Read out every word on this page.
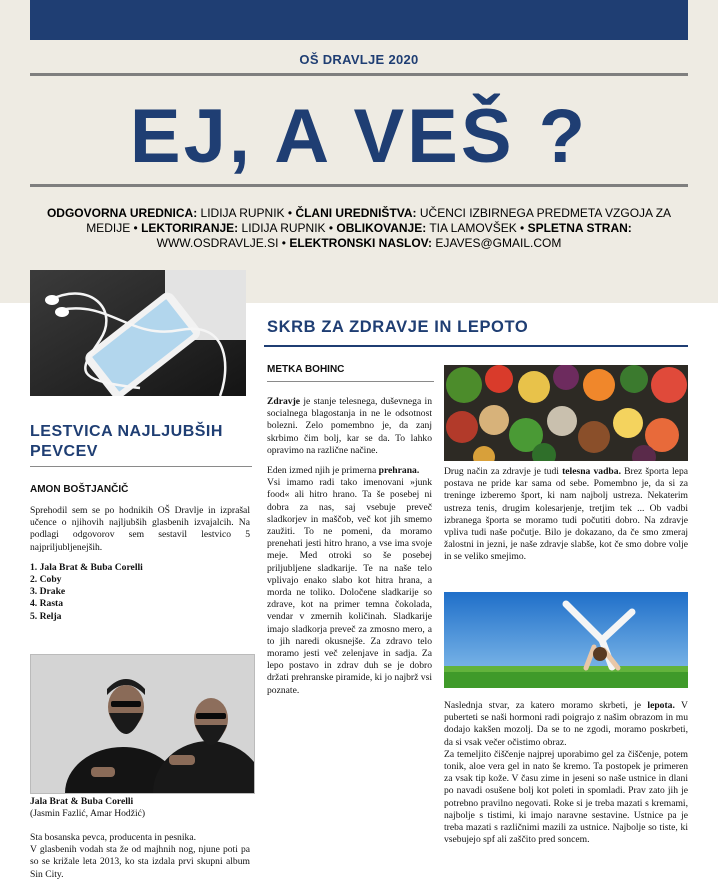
OŠ DRAVLJE 2020
EJ, A VEŠ ?
ODGOVORNA UREDNICA: LIDIJA RUPNIK • ČLANI UREDNIŠTVA: UČENCI IZBIRNEGA PREDMETA VZGOJA ZA MEDIJE • LEKTORIRANJE: LIDIJA RUPNIK • OBLIKOVANJE: TIA LAMOVŠEK • SPLETNA STRAN: WWW.OSDRAVLJE.SI • ELEKTRONSKI NASLOV: EJAVES@GMAIL.COM
LESTVICA NAJLJUBŠIH PEVCEV
AMON BOŠTJANČIČ

Sprehodil sem se po hodnikih OŠ Dravlje in izprašal učence o njihovih najljubših glasbenih izvajalcih. Na podlagi odgovorov sem sestavil lestvico 5 najpriljubljenejših.

1. Jala Brat & Buba Corelli
2. Coby
3. Drake
4. Rasta
5. Relja
Jala Brat & Buba Corelli
(Jasmin Fazlić, Amar Hodžić)
Sta bosanska pevca, producenta in pesnika.
V glasbenih vodah sta že od majhnih nog, njune poti pa so se križale leta 2013, ko sta izdala prvi skupni album Sin City.
SKRB ZA ZDRAVJE IN LEPOTO
METKA BOHINC

Zdravje je stanje telesnega, duševnega in socialnega blagostanja in ne le odsotnost bolezni. Zelo pomembno je, da zanj skrbimo čim bolj, kar se da. To lahko opravimo na različne načine.

Eden izmed njih je primerna prehrana.

Vsi imamo radi tako imenovani »junk food« ali hitro hrano. Ta še posebej ni dobra za nas, saj vsebuje preveč sladkorjev in maščob, več kot jih smemo zaužiti. To ne pomeni, da moramo prenehati jesti hitro hrano, a vse ima svoje meje. Med otroki so še posebej priljubljene sladkarije. Te na naše telo vplivajo enako slabo kot hitra hrana, a morda ne toliko. Določene sladkarije so zdrave, kot na primer temna čokolada, vendar v zmernih količinah. Sladkarije imajo sladkorja preveč za zmosno mero, a to jih naredi okusnejše. Za zdravo telo moramo jesti več zelenjave in sadja. Za lepo postavo in zdrav duh se je dobro držati prehranske piramide, ki jo najbrž vsi poznate.

Drug način za zdravje je tudi telesna vadba. Brez športa lepa postava ne pride kar sama od sebe. Pomembno je, da si za treninge izberemo šport, ki nam najbolj ustreza. Nekaterim ustreza tenis, drugim kolesarjenje, tretjim tek ... Ob vadbi izbranega športa se moramo tudi počutiti dobro. Na zdravje vpliva tudi naše počutje. Bilo je dokazano, da če smo zmeraj žalostni in jezni, je naše zdravje slabše, kot če smo dobre volje in se veliko smejimo.

Naslednja stvar, za katero moramo skrbeti, je lepota. V puberteti se naši hormoni radi poigrajo z našim obrazom in mu dodajo kakšen mozolj. Da se to ne zgodi, moramo poskrbeti, da si vsak večer očistimo obraz.

Za temeljito čiščenje najprej uporabimo gel za čiščenje, potem tonik, aloe vera gel in nato še kremo. Ta postopek je primeren za vsak tip kože. V času zime in jeseni so naše ustnice in dlani po navadi osušene bolj kot poleti in spomladi. Prav zato jih je potrebno pravilno negovati. Roke si je treba mazati s kremami, najbolje s tistimi, ki imajo naravne sestavine. Ustnice pa je treba mazati s različnimi mazili za ustnice. Najbolje so tiste, ki vsebujejo spf ali zaščito pred soncem.
